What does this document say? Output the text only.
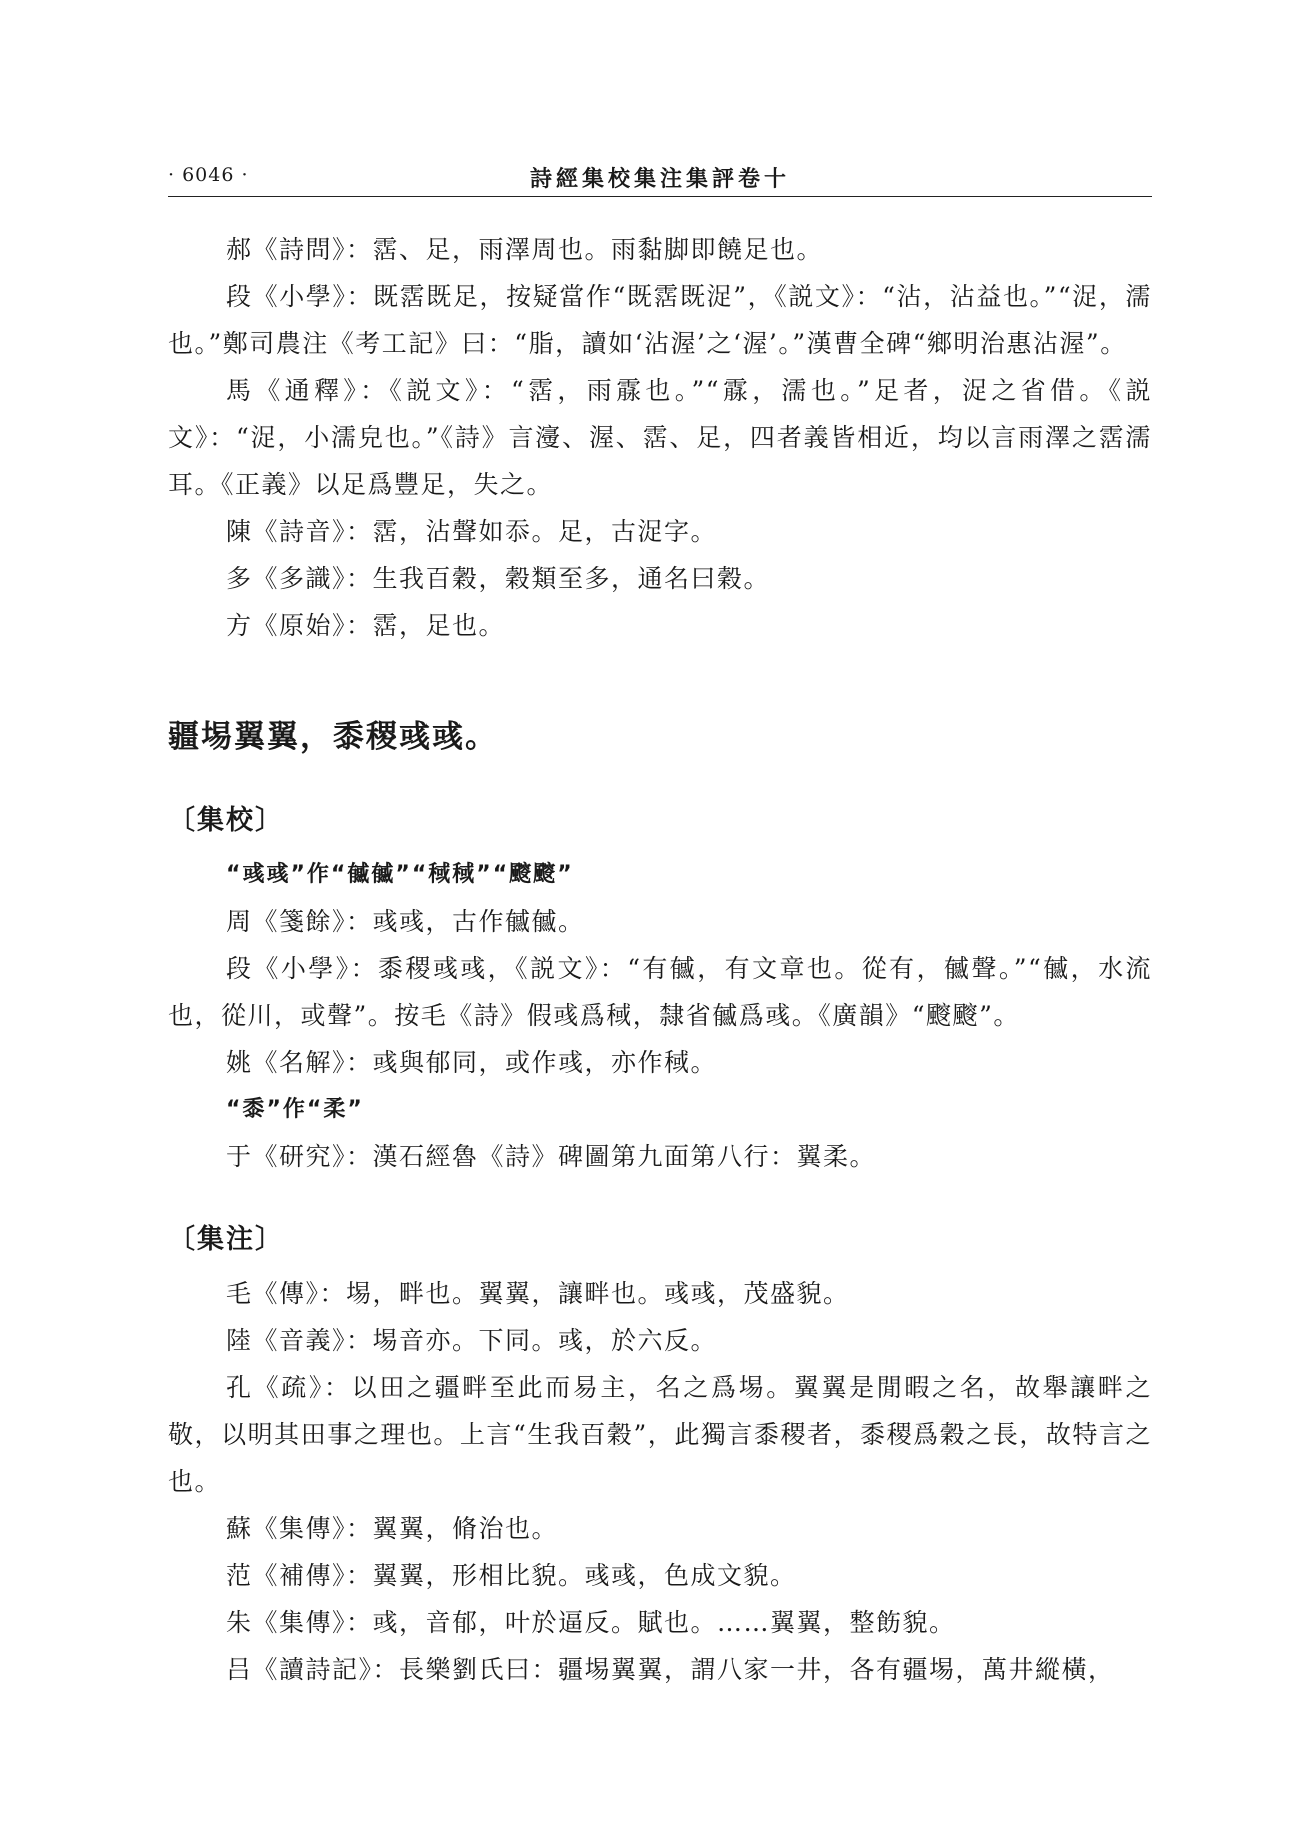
· 6046 ·	詩經集校集注集評卷十

郝《詩問》：霑、足，雨澤周也。雨黏脚即饒足也。

段《小學》：既霑既足，按疑當作“既霑既浞”，《説文》：“沾，沾益也。”“浞，濡也。”鄭司農注《考工記》曰：“脂，讀如‘沾渥’之‘渥’。”漢曹全碑“鄉明治惠沾渥”。

馬《通釋》：《説文》：“霑，雨霡也。”“霡，濡也。”足者，浞之省借。《説文》：“浞，小濡皃也。”《詩》言濅、渥、霑、足，四者義皆相近，均以言雨澤之霑濡耳。《正義》以足爲豐足，失之。

陳《詩音》：霑，沾聲如忝。足，古浞字。

多《多識》：生我百穀，穀類至多，通名曰穀。

方《原始》：霑，足也。

疆埸翼翼，黍稷彧彧。

〔集校〕

“彧彧”作“㦽㦽”“稢稢”“䬒䬒”

周《箋餘》：彧彧，古作㦽㦽。

段《小學》：黍稷彧彧，《説文》：“有㦽，有文章也。從有，㦽聲。”“㦽，水流也，從川，或聲”。按毛《詩》假彧爲稢，隸省㦽爲彧。《廣韻》“䬒䬒”。

姚《名解》：彧與郁同，或作彧，亦作稢。

“黍”作“柔”

于《研究》：漢石經魯《詩》碑圖第九面第八行：翼柔。

〔集注〕

毛《傳》：埸，畔也。翼翼，讓畔也。彧彧，茂盛貌。

陸《音義》：埸音亦。下同。彧，於六反。

孔《疏》：以田之疆畔至此而易主，名之爲埸。翼翼是閒暇之名，故舉讓畔之敬，以明其田事之理也。上言“生我百穀”，此獨言黍稷者，黍稷爲穀之長，故特言之也。

蘇《集傳》：翼翼，脩治也。

范《補傳》：翼翼，形相比貌。彧彧，色成文貌。

朱《集傳》：彧，音郁，叶於逼反。賦也。……翼翼，整飭貌。

吕《讀詩記》：長樂劉氏曰：疆埸翼翼，謂八家一井，各有疆埸，萬井縱橫，
